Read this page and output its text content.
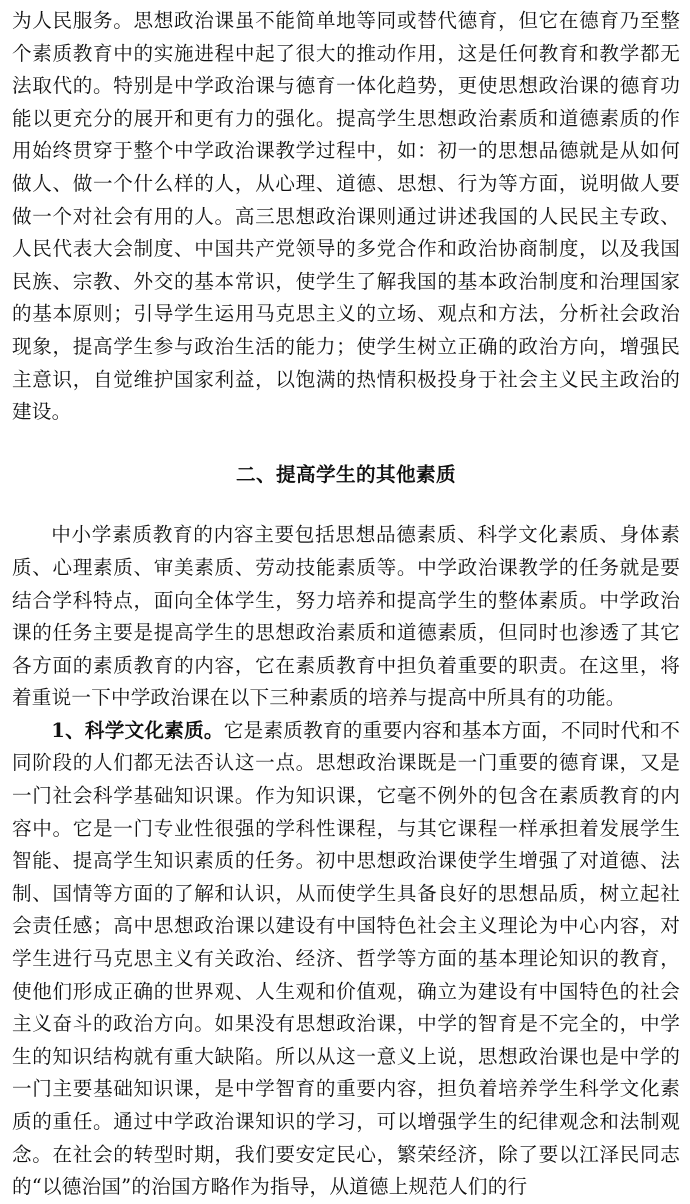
为人民服务。思想政治课虽不能简单地等同或替代德育，但它在德育乃至整个素质教育中的实施进程中起了很大的推动作用，这是任何教育和教学都无法取代的。特别是中学政治课与德育一体化趋势，更使思想政治课的德育功能以更充分的展开和更有力的强化。提高学生思想政治素质和道德素质的作用始终贯穿于整个中学政治课教学过程中，如：初一的思想品德就是从如何做人、做一个什么样的人，从心理、道德、思想、行为等方面，说明做人要做一个对社会有用的人。高三思想政治课则通过讲述我国的人民民主专政、人民代表大会制度、中国共产党领导的多党合作和政治协商制度，以及我国民族、宗教、外交的基本常识，使学生了解我国的基本政治制度和治理国家的基本原则；引导学生运用马克思主义的立场、观点和方法，分析社会政治现象，提高学生参与政治生活的能力；使学生树立正确的政治方向，增强民主意识，自觉维护国家利益，以饱满的热情积极投身于社会主义民主政治的建设。

二、提高学生的其他素质

中小学素质教育的内容主要包括思想品德素质、科学文化素质、身体素质、心理素质、审美素质、劳动技能素质等。中学政治课教学的任务就是要结合学科特点，面向全体学生，努力培养和提高学生的整体素质。中学政治课的任务主要是提高学生的思想政治素质和道德素质，但同时也渗透了其它各方面的素质教育的内容，它在素质教育中担负着重要的职责。在这里，将着重说一下中学政治课在以下三种素质的培养与提高中所具有的功能。

1、科学文化素质。它是素质教育的重要内容和基本方面，不同时代和不同阶段的人们都无法否认这一点。思想政治课既是一门重要的德育课，又是一门社会科学基础知识课。作为知识课，它毫不例外的包含在素质教育的内容中。它是一门专业性很强的学科性课程，与其它课程一样承担着发展学生智能、提高学生知识素质的任务。初中思想政治课使学生增强了对道德、法制、国情等方面的了解和认识，从而使学生具备良好的思想品质，树立起社会责任感；高中思想政治课以建设有中国特色社会主义理论为中心内容，对学生进行马克思主义有关政治、经济、哲学等方面的基本理论知识的教育，使他们形成正确的世界观、人生观和价值观，确立为建设有中国特色的社会主义奋斗的政治方向。如果没有思想政治课，中学的智育是不完全的，中学生的知识结构就有重大缺陷。所以从这一意义上说，思想政治课也是中学的一门主要基础知识课，是中学智育的重要内容，担负着培养学生科学文化素质的重任。通过中学政治课知识的学习，可以增强学生的纪律观念和法制观念。在社会的转型时期，我们要安定民心，繁荣经济，除了要以江泽民同志的“以德治国”的治国方略作为指导，从道德上规范人们的行
